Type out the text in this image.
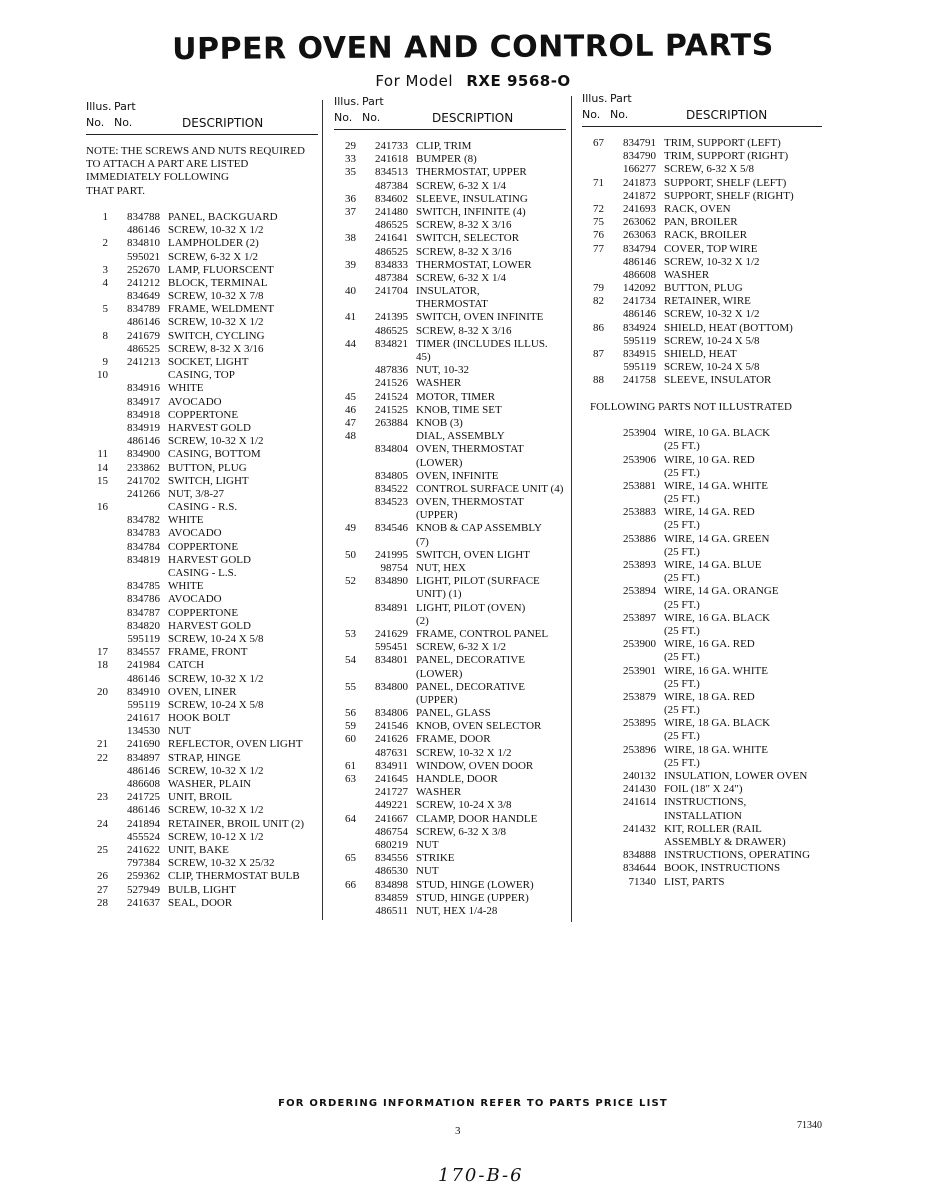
UPPER OVEN AND CONTROL PARTS
For Model RXE 9568-O
Illus. Part
No. No.	DESCRIPTION
NOTE: THE SCREWS AND NUTS REQUIRED
TO ATTACH A PART ARE LISTED
IMMEDIATELY FOLLOWING
THAT PART.
1	834788 PANEL, BACKGUARD
486146 SCREW, 10-32 X 1/2
2	834810 LAMPHOLDER (2)
595021 SCREW, 6-32 X 1/2
3	252670 LAMP, FLUORSCENT
4	241212 BLOCK, TERMINAL
834649 SCREW, 10-32 X 7/8
5	834789 FRAME, WELDMENT
486146 SCREW, 10-32 X 1/2
8	241679 SWITCH, CYCLING
486525 SCREW, 8-32 X 3/16
9	241213 SOCKET, LIGHT
10	CASING, TOP
834916 WHITE
834917 AVOCADO
834918 COPPERTONE
834919 HARVEST GOLD
486146 SCREW, 10-32 X 1/2
11	834900 CASING, BOTTOM
14	233862 BUTTON, PLUG
15	241702 SWITCH, LIGHT
241266 NUT, 3/8-27
16	CASING - R.S.
834782 WHITE
834783 AVOCADO
834784 COPPERTONE
834819 HARVEST GOLD
CASING - L.S.
834785 WHITE
834786 AVOCADO
834787 COPPERTONE
834820 HARVEST GOLD
595119 SCREW, 10-24 X 5/8
17	834557 FRAME, FRONT
18	241984 CATCH
486146 SCREW, 10-32 X 1/2
20	834910 OVEN, LINER
595119 SCREW, 10-24 X 5/8
241617 HOOK BOLT
134530 NUT
21	241690 REFLECTOR, OVEN LIGHT
22	834897 STRAP, HINGE
486146 SCREW, 10-32 X 1/2
486608 WASHER, PLAIN
23	241725 UNIT, BROIL
486146 SCREW, 10-32 X 1/2
24	241894 RETAINER, BROIL UNIT (2)
455524 SCREW, 10-12 X 1/2
25	241622 UNIT, BAKE
797384 SCREW, 10-32 X 25/32
26	259362 CLIP, THERMOSTAT BULB
27	527949 BULB, LIGHT
28	241637 SEAL, DOOR
Illus. Part
No. No.	DESCRIPTION
29	241733 CLIP, TRIM
33	241618 BUMPER (8)
35	834513 THERMOSTAT, UPPER
487384 SCREW, 6-32 X 1/4
36	834602 SLEEVE, INSULATING
37	241480 SWITCH, INFINITE (4)
486525 SCREW, 8-32 X 3/16
38	241641 SWITCH, SELECTOR
486525 SCREW, 8-32 X 3/16
39	834833 THERMOSTAT, LOWER
487384 SCREW, 6-32 X 1/4
40	241704 INSULATOR,
THERMOSTAT
41	241395 SWITCH, OVEN INFINITE
486525 SCREW, 8-32 X 3/16
44	834821 TIMER (INCLUDES ILLUS.
45)
487836 NUT, 10-32
241526 WASHER
45	241524 MOTOR, TIMER
46	241525 KNOB, TIME SET
47	263884 KNOB (3)
48	DIAL, ASSEMBLY
834804 OVEN, THERMOSTAT
(LOWER)
834805 OVEN, INFINITE
834522 CONTROL SURFACE UNIT (4)
834523 OVEN, THERMOSTAT
(UPPER)
49	834546 KNOB & CAP ASSEMBLY
(7)
50	241995 SWITCH, OVEN LIGHT
98754 NUT, HEX
52	834890 LIGHT, PILOT (SURFACE
UNIT) (1)
834891 LIGHT, PILOT (OVEN)
(2)
53	241629 FRAME, CONTROL PANEL
595451 SCREW, 6-32 X 1/2
54	834801 PANEL, DECORATIVE
(LOWER)
55	834800 PANEL, DECORATIVE
(UPPER)
56	834806 PANEL, GLASS
59	241546 KNOB, OVEN SELECTOR
60	241626 FRAME, DOOR
487631 SCREW, 10-32 X 1/2
61	834911 WINDOW, OVEN DOOR
63	241645 HANDLE, DOOR
241727 WASHER
449221 SCREW, 10-24 X 3/8
64	241667 CLAMP, DOOR HANDLE
486754 SCREW, 6-32 X 3/8
680219 NUT
65	834556 STRIKE
486530 NUT
66	834898 STUD, HINGE (LOWER)
834859 STUD, HINGE (UPPER)
486511 NUT, HEX 1/4-28
Illus. Part
No. No.	DESCRIPTION
67	834791 TRIM, SUPPORT (LEFT)
834790 TRIM, SUPPORT (RIGHT)
166277 SCREW, 6-32 X 5/8
71	241873 SUPPORT, SHELF (LEFT)
241872 SUPPORT, SHELF (RIGHT)
72	241693 RACK, OVEN
75	263062 PAN, BROILER
76	263063 RACK, BROILER
77	834794 COVER, TOP WIRE
486146 SCREW, 10-32 X 1/2
486608 WASHER
79	142092 BUTTON, PLUG
82	241734 RETAINER, WIRE
486146 SCREW, 10-32 X 1/2
86	834924 SHIELD, HEAT (BOTTOM)
595119 SCREW, 10-24 X 5/8
87	834915 SHIELD, HEAT
595119 SCREW, 10-24 X 5/8
88	241758 SLEEVE, INSULATOR
FOLLOWING PARTS NOT ILLUSTRATED
253904 WIRE, 10 GA. BLACK
(25 FT.)
253906 WIRE, 10 GA. RED
(25 FT.)
253881 WIRE, 14 GA. WHITE
(25 FT.)
253883 WIRE, 14 GA. RED
(25 FT.)
253886 WIRE, 14 GA. GREEN
(25 FT.)
253893 WIRE, 14 GA. BLUE
(25 FT.)
253894 WIRE, 14 GA. ORANGE
(25 FT.)
253897 WIRE, 16 GA. BLACK
(25 FT.)
253900 WIRE, 16 GA. RED
(25 FT.)
253901 WIRE, 16 GA. WHITE
(25 FT.)
253879 WIRE, 18 GA. RED
(25 FT.)
253895 WIRE, 18 GA. BLACK
(25 FT.)
253896 WIRE, 18 GA. WHITE
(25 FT.)
240132 INSULATION, LOWER OVEN
241430 FOIL (18" X 24")
241614 INSTRUCTIONS,
INSTALLATION
241432 KIT, ROLLER (RAIL
ASSEMBLY & DRAWER)
834888 INSTRUCTIONS, OPERATING
834644 BOOK, INSTRUCTIONS
71340 LIST, PARTS
FOR ORDERING INFORMATION REFER TO PARTS PRICE LIST
3	71340
170-B-6
